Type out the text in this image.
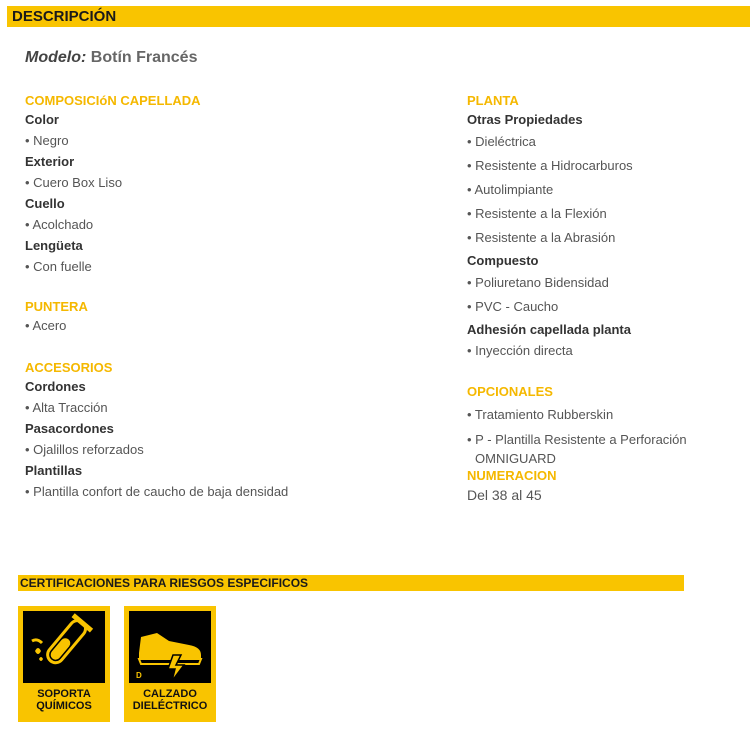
DESCRIPCIÓN
Modelo: Botín Francés
COMPOSICIóN CAPELLADA
Color
• Negro
Exterior
• Cuero Box Liso
Cuello
• Acolchado
Lengüeta
• Con fuelle
PUNTERA
• Acero
ACCESORIOS
Cordones
• Alta Tracción
Pasacordones
• Ojalillos reforzados
Plantillas
• Plantilla confort de caucho de baja densidad
PLANTA
Otras Propiedades
• Dieléctrica
• Resistente a Hidrocarburos
• Autolimpiante
• Resistente a la Flexión
• Resistente a la Abrasión
Compuesto
• Poliuretano Bidensidad
• PVC - Caucho
Adhesión capellada planta
• Inyección directa
OPCIONALES
• Tratamiento Rubberskin
• P - Plantilla Resistente a Perforación
OMNIGUARD
NUMERACION
Del 38 al 45
CERTIFICACIONES PARA RIESGOS ESPECIFICOS
SOPORTA
QUÍMICOS
D
CALZADO
DIELÉCTRICO
